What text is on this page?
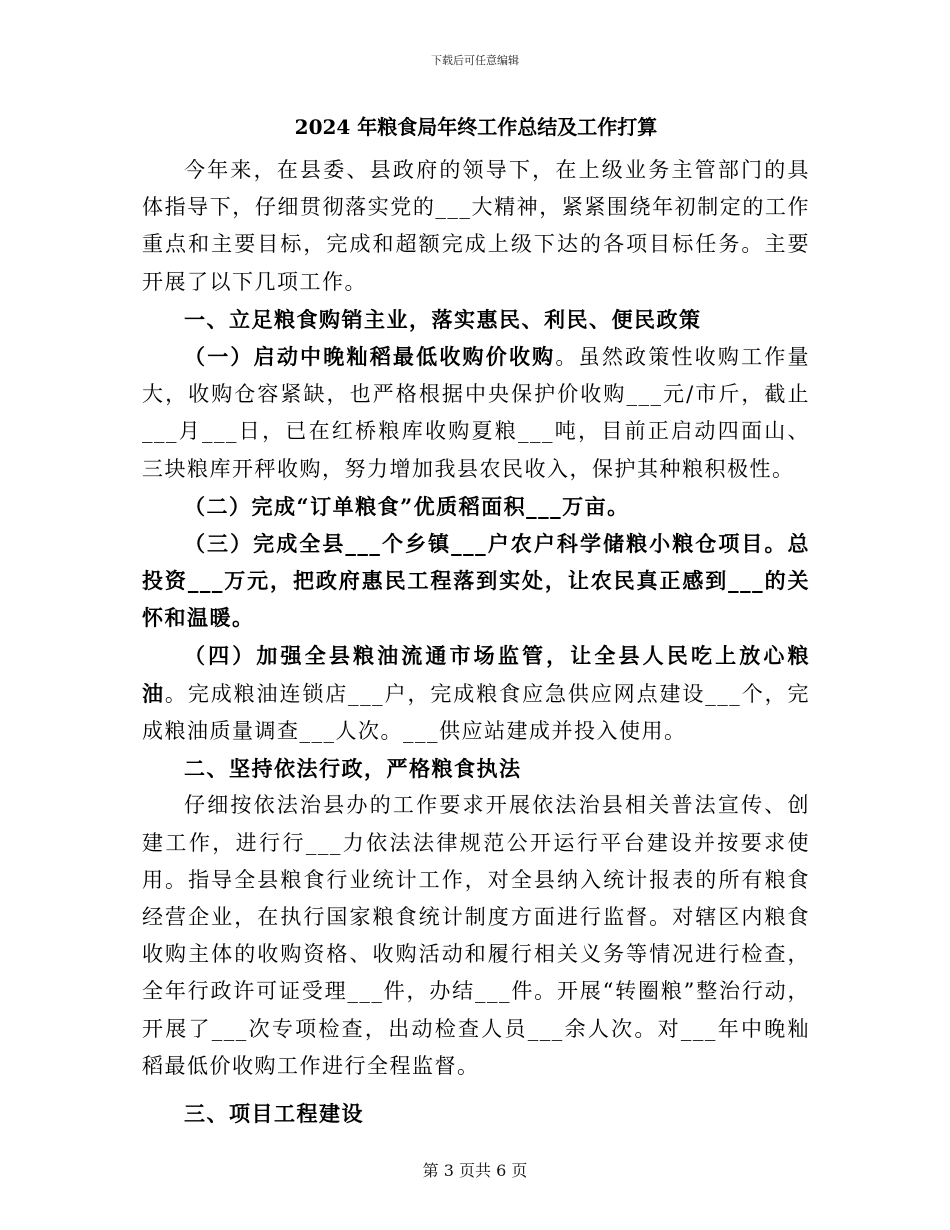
下载后可任意编辑
2024 年粮食局年终工作总结及工作打算

今年来，在县委、县政府的领导下，在上级业务主管部门的具体指导下，仔细贯彻落实党的___大精神，紧紧围绕年初制定的工作重点和主要目标，完成和超额完成上级下达的各项目标任务。主要开展了以下几项工作。

一、立足粮食购销主业，落实惠民、利民、便民政策

（一）启动中晚籼稻最低收购价收购。虽然政策性收购工作量大，收购仓容紧缺，也严格根据中央保护价收购___元/市斤，截止___月___日，已在红桥粮库收购夏粮___吨，目前正启动四面山、三块粮库开秤收购，努力增加我县农民收入，保护其种粮积极性。

（二）完成“订单粮食”优质稻面积___万亩。

（三）完成全县___个乡镇___户农户科学储粮小粮仓项目。总投资___万元，把政府惠民工程落到实处，让农民真正感到___的关怀和温暖。

（四）加强全县粮油流通市场监管，让全县人民吃上放心粮油。完成粮油连锁店___户，完成粮食应急供应网点建设___个，完成粮油质量调查___人次。___供应站建成并投入使用。

二、坚持依法行政，严格粮食执法

仔细按依法治县办的工作要求开展依法治县相关普法宣传、创建工作，进行行___力依法法律规范公开运行平台建设并按要求使用。指导全县粮食行业统计工作，对全县纳入统计报表的所有粮食经营企业，在执行国家粮食统计制度方面进行监督。对辖区内粮食收购主体的收购资格、收购活动和履行相关义务等情况进行检查，全年行政许可证受理___件，办结___件。开展“转圈粮”整治行动，开展了___次专项检查，出动检查人员___余人次。对___年中晚籼稻最低价收购工作进行全程监督。

三、项目工程建设

第 3 页共 6 页
